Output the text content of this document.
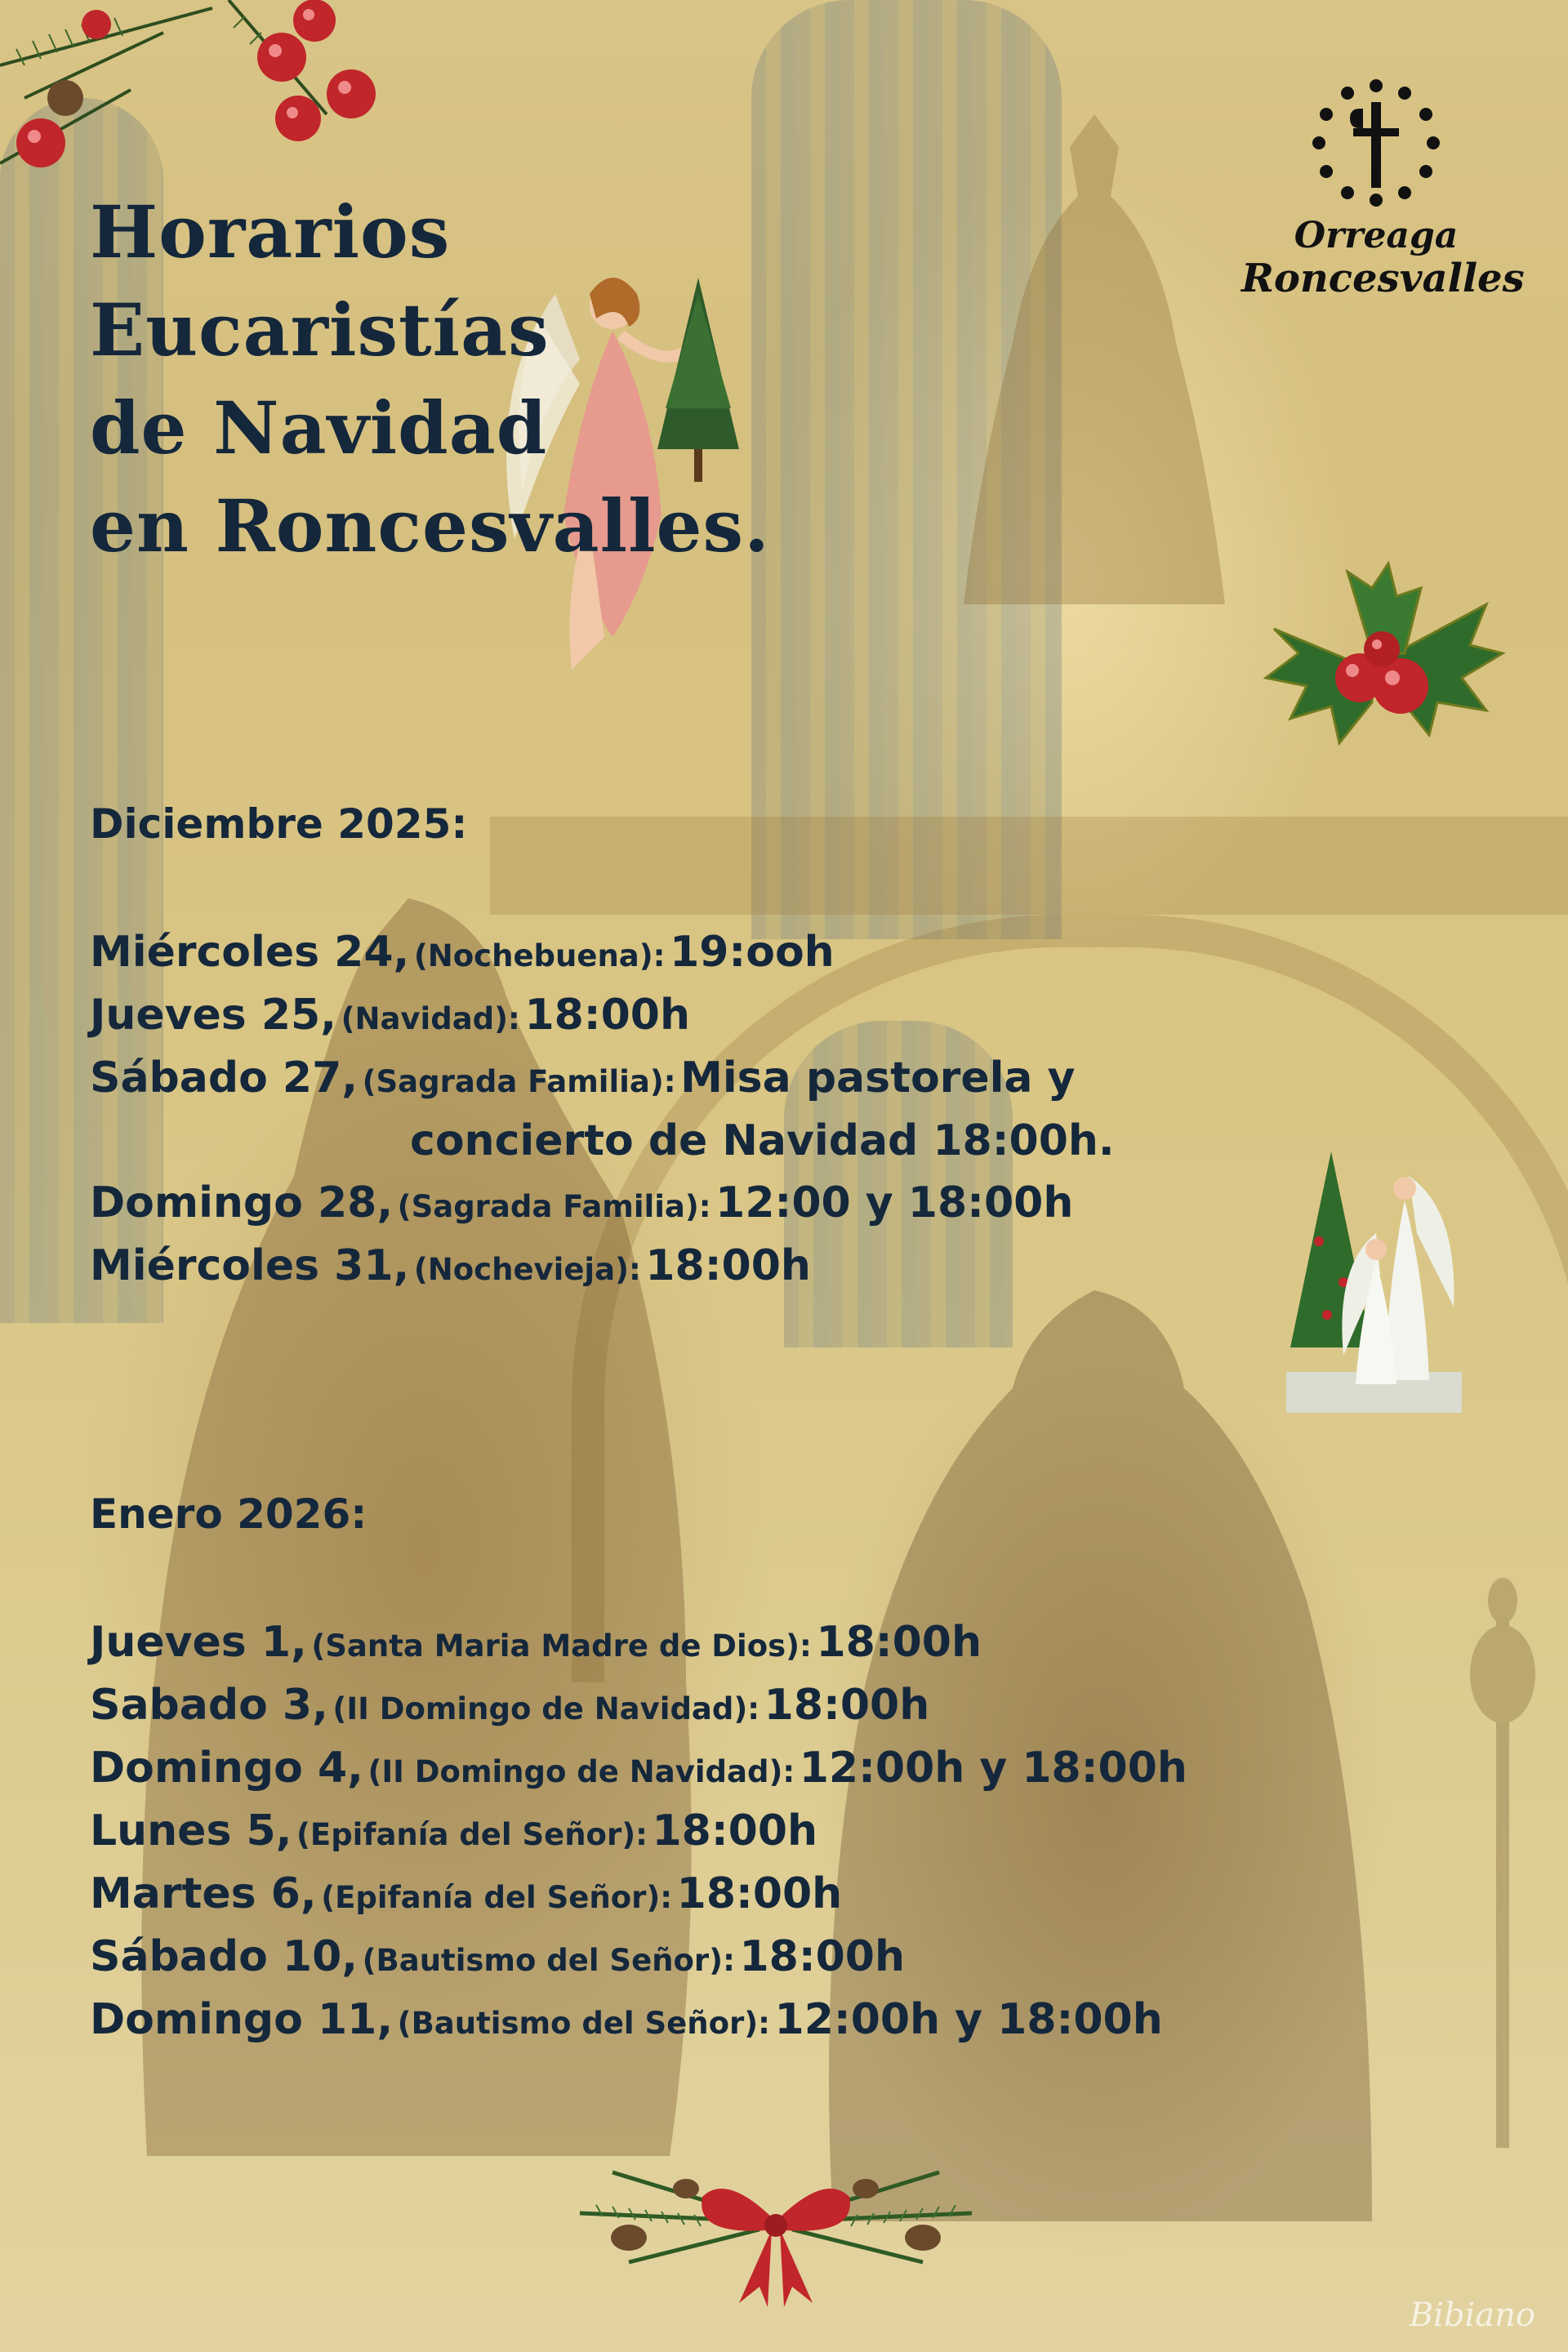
Horarios
Eucaristías
de Navidad
en Roncesvalles.
Orreaga
Roncesvalles
Diciembre 2025:
Miércoles 24, (Nochebuena): 19:ooh
Jueves 25, (Navidad): 18:00h
Sábado 27, (Sagrada Familia): Misa pastorela y
concierto de Navidad 18:00h.
Domingo 28, (Sagrada Familia): 12:00 y 18:00h
Miércoles 31, (Nochevieja): 18:00h
Enero 2026:
Jueves 1, (Santa Maria Madre de Dios): 18:00h
Sabado 3, (II Domingo de Navidad): 18:00h
Domingo 4, (II Domingo de Navidad): 12:00h y 18:00h
Lunes 5, (Epifanía del Señor): 18:00h
Martes 6, (Epifanía del Señor): 18:00h
Sábado 10, (Bautismo del Señor): 18:00h
Domingo 11, (Bautismo del Señor): 12:00h y 18:00h
Bibiano
